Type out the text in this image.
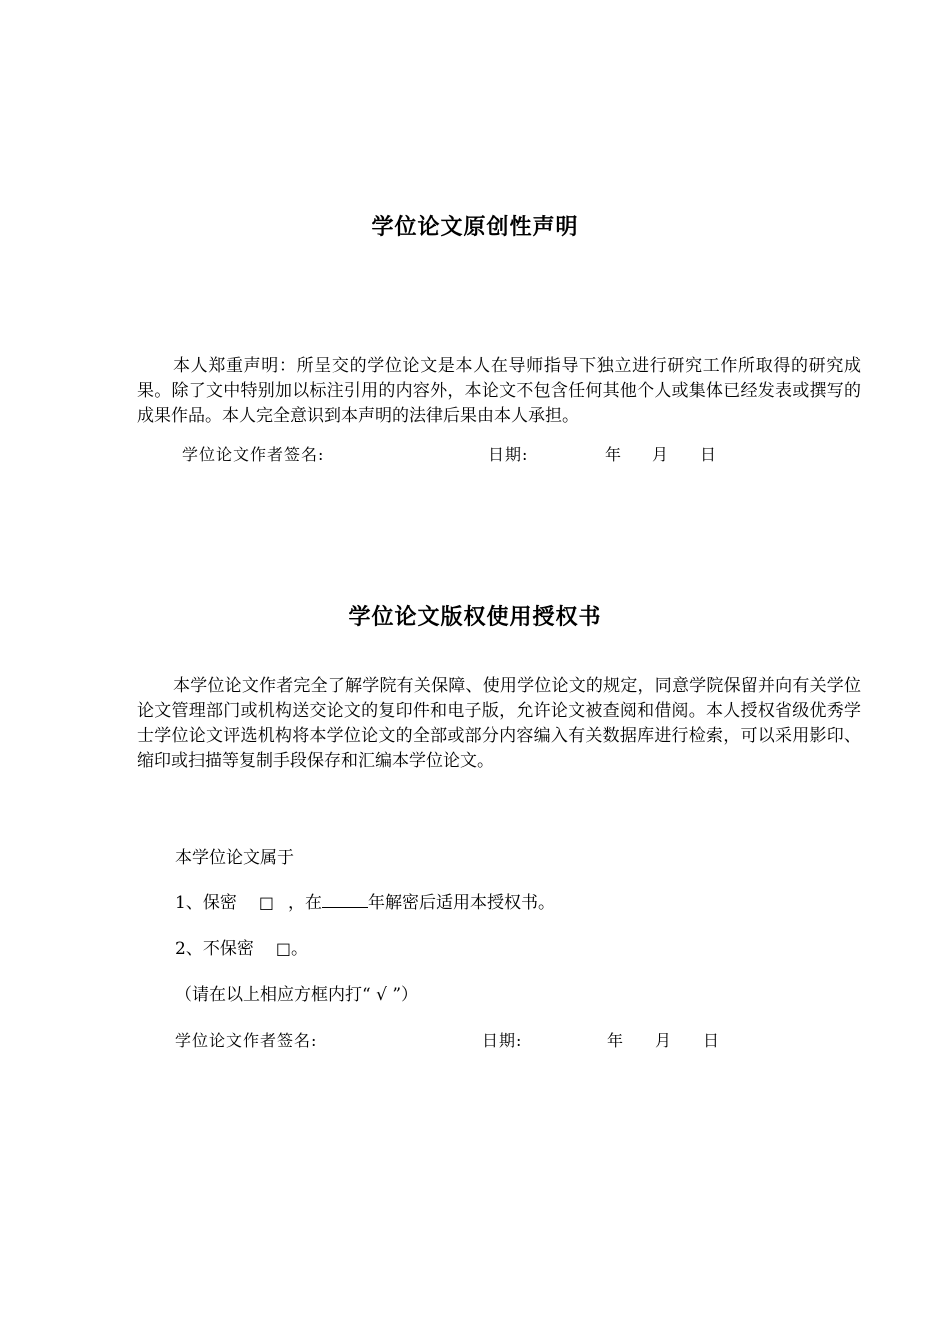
学位论文原创性声明
本人郑重声明：所呈交的学位论文是本人在导师指导下独立进行研究工作所取得的研究成果。除了文中特别加以标注引用的内容外，本论文不包含任何其他个人或集体已经发表或撰写的成果作品。本人完全意识到本声明的法律后果由本人承担。
学位论文作者签名:	日期:	年 月 日
学位论文版权使用授权书
本学位论文作者完全了解学院有关保障、使用学位论文的规定，同意学院保留并向有关学位论文管理部门或机构送交论文的复印件和电子版，允许论文被查阅和借阅。本人授权省级优秀学士学位论文评选机构将本学位论文的全部或部分内容编入有关数据库进行检索，可以采用影印、缩印或扫描等复制手段保存和汇编本学位论文。
本学位论文属于
1、保密 □ ，在	年解密后适用本授权书。
2、不保密 □。
（请在以上相应方框内打“ √ ”）
学位论文作者签名:	日期:	年 月 日
